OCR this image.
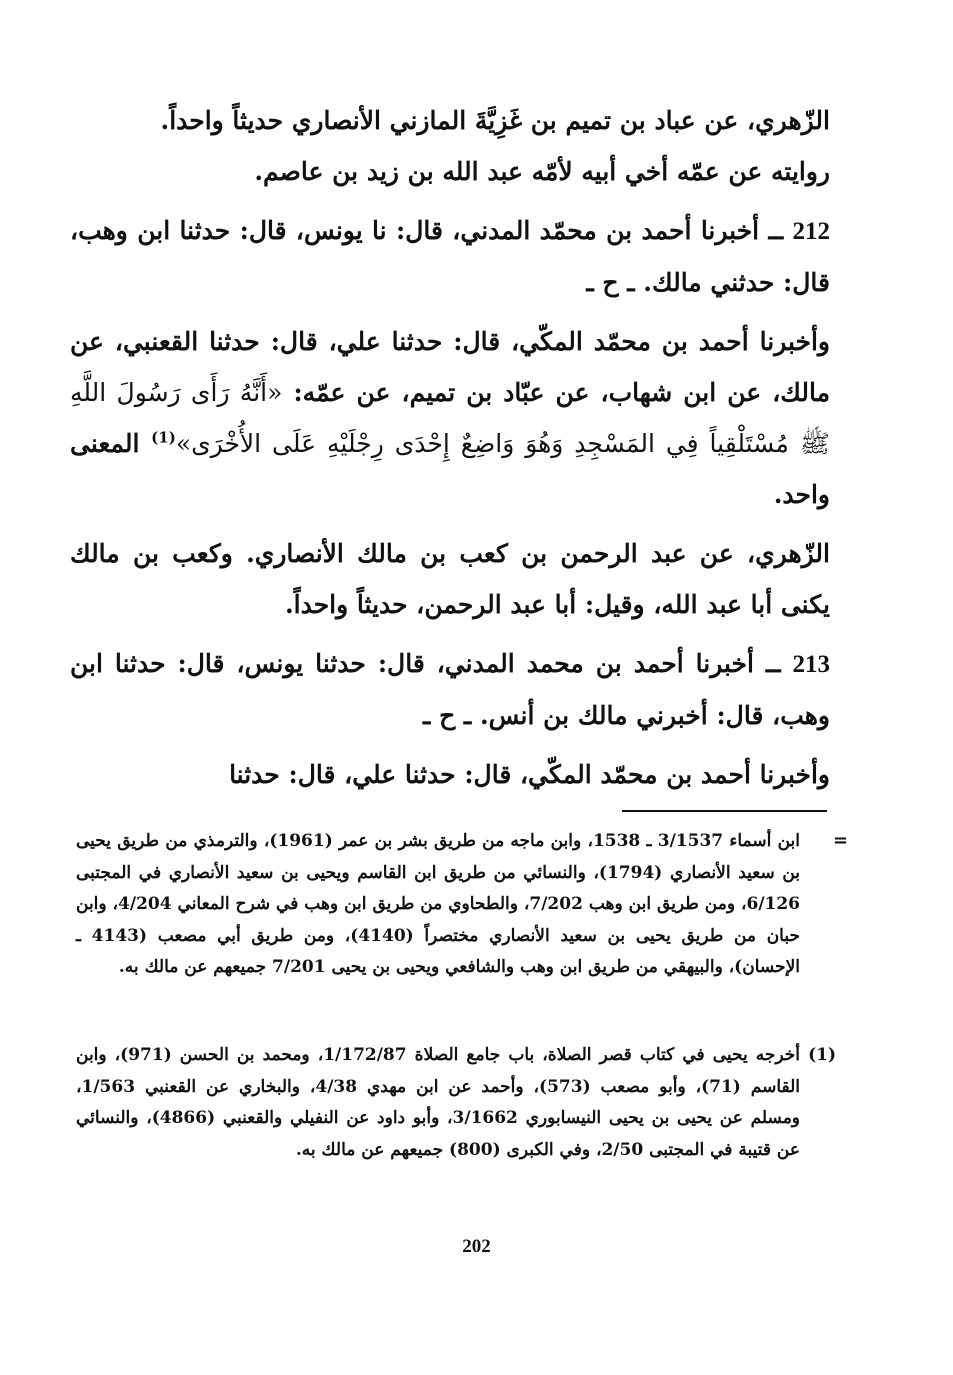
الزّهري، عن عباد بن تميم بن غَزِيَّةَ المازني الأنصاري حديثاً واحداً.

روايته عن عمّه أخي أبيه لأمّه عبد الله بن زيد بن عاصم.

212 ــ أخبرنا أحمد بن محمّد المدني، قال: نا يونس، قال: حدثنا ابن وهب، قال: حدثني مالك. ـ ح ـ

وأخبرنا أحمد بن محمّد المكّي، قال: حدثنا علي، قال: حدثنا القعنبي، عن مالك، عن ابن شهاب، عن عبّاد بن تميم، عن عمّه: «أَنَّهُ رَأَى رَسُولَ اللَّهِ ﷺ مُسْتَلْقِياً فِي المَسْجِدِ وَهُوَ وَاضِعٌ إِحْدَى رِجْلَيْهِ عَلَى الأُخْرَى»$^{(1)}$ المعنى واحد.

الزّهري، عن عبد الرحمن بن كعب بن مالك الأنصاري. وكعب بن مالك يكنى أبا عبد الله، وقيل: أبا عبد الرحمن، حديثاً واحداً.

213 ــ أخبرنا أحمد بن محمد المدني، قال: حدثنا يونس، قال: حدثنا ابن وهب، قال: أخبرني مالك بن أنس. ـ ح ـ

وأخبرنا أحمد بن محمّد المكّي، قال: حدثنا علي، قال: حدثنا

=

ابن أسماء 3/1537 ـ 1538، وابن ماجه من طريق بشر بن عمر (1961)، والترمذي من طريق يحيى بن سعيد الأنصاري (1794)، والنسائي من طريق ابن القاسم ويحيى بن سعيد الأنصاري في المجتبى 6/126، ومن طريق ابن وهب 7/202، والطحاوي من طريق ابن وهب في شرح المعاني 4/204، وابن حبان من طريق يحيى بن سعيد الأنصاري مختصراً (4140)، ومن طريق أبي مصعب (4143 ـ الإحسان)، والبيهقي من طريق ابن وهب والشافعي ويحيى بن يحيى 7/201 جميعهم عن مالك به.

(1)

أخرجه يحيى في كتاب قصر الصلاة، باب جامع الصلاة 1/172/87، ومحمد بن الحسن (971)، وابن القاسم (71)، وأبو مصعب (573)، وأحمد عن ابن مهدي 4/38، والبخاري عن القعنبي 1/563، ومسلم عن يحيى بن يحيى النيسابوري 3/1662، وأبو داود عن النفيلي والقعنبي (4866)، والنسائي عن قتيبة في المجتبى 2/50، وفي الكبرى (800) جميعهم عن مالك به.

202
